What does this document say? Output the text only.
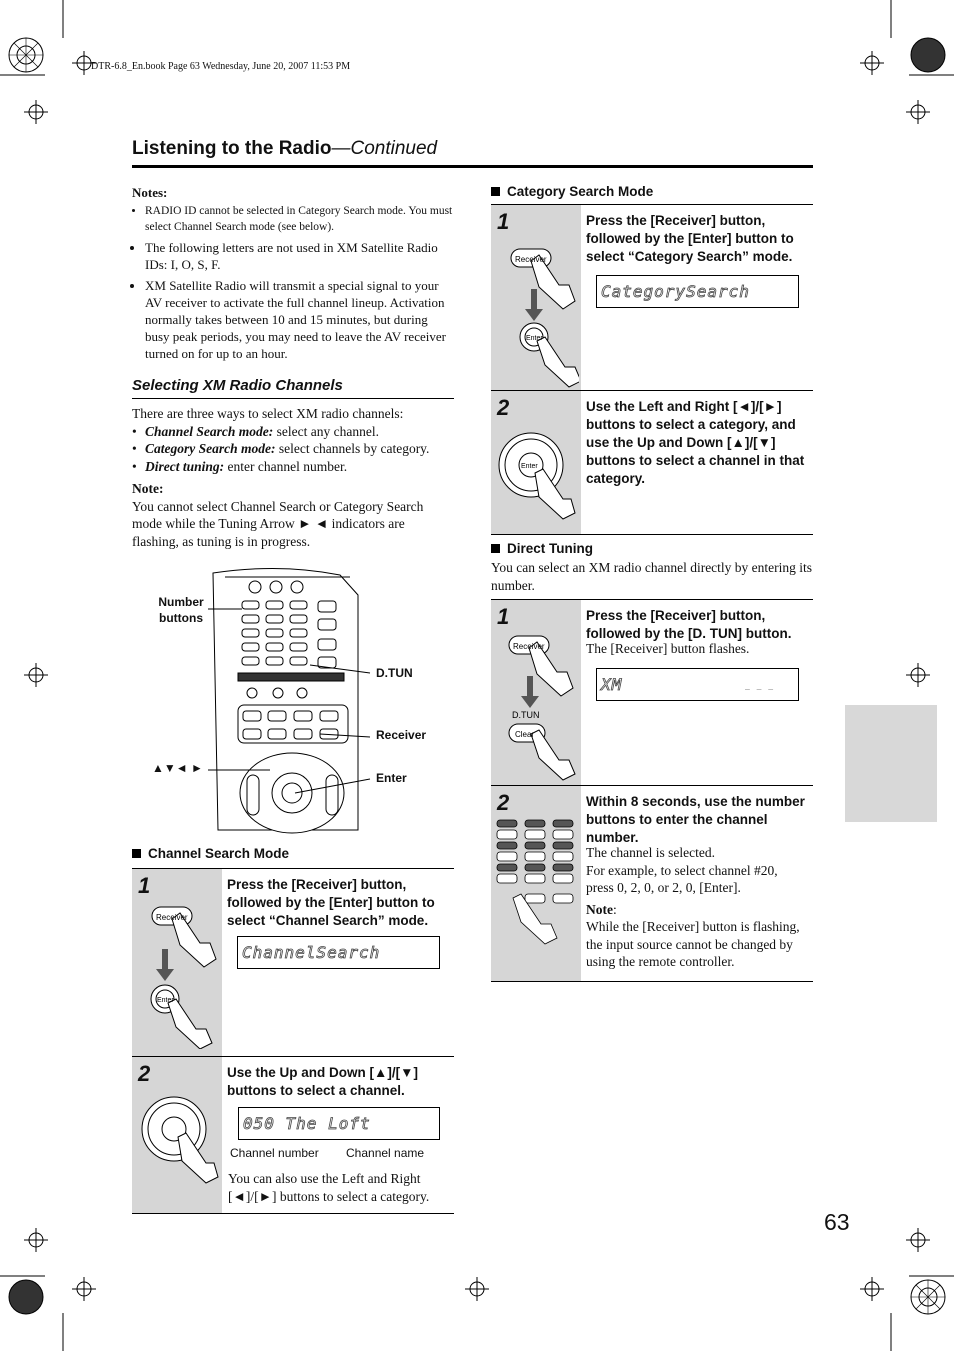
DTR-6.8_En.book Page 63 Wednesday, June 20, 2007 11:53 PM
Listening to the Radio—Continued
Notes:
• RADIO ID cannot be selected in Category Search mode. You must select Channel Search mode (see below).
• The following letters are not used in XM Satellite Radio IDs: I, O, S, F.
• XM Satellite Radio will transmit a special signal to your AV receiver to activate the full channel lineup. Activation normally takes between 10 and 15 minutes, but during busy peak periods, you may need to leave the AV receiver turned on for up to an hour.
Selecting XM Radio Channels
There are three ways to select XM radio channels:
• Channel Search mode: select any channel.
• Category Search mode: select channels by category.
• Direct tuning: enter channel number.
Note:
You cannot select Channel Search or Category Search mode while the Tuning Arrow ► ◄ indicators are flashing, as tuning is in progress.
Number buttons
D.TUN
Receiver
▲▼◄ ►
Enter
Channel Search Mode
1
Receiver
Enter
Press the [Receiver] button, followed by the [Enter] button to select “Channel Search” mode.
ChannelSearch
2	Use the Up and Down [▲]/[▼] buttons to select a channel.
050 The Loft
Channel number Channel name
You can also use the Left and Right [◄]/[►] buttons to select a category.
Category Search Mode
1
Receiver
Enter
Press the [Receiver] button, followed by the [Enter] button to select “Category Search” mode.
CategorySearch
2
Enter
Use the Left and Right [◄]/[►] buttons to select a category, and use the Up and Down [▲]/[▼] buttons to select a channel in that category.
Direct Tuning
You can select an XM radio channel directly by entering its number.
1
Receiver
D.TUN
Clear
Press the [Receiver] button, followed by the [D. TUN] button.
The [Receiver] button flashes.
XM	_ _ _
2	Within 8 seconds, use the number buttons to enter the channel number.
The channel is selected.
For example, to select channel #20, press 0, 2, 0, or 2, 0, [Enter].
Note:
While the [Receiver] button is flashing, the input source cannot be changed by using the remote controller.
63
